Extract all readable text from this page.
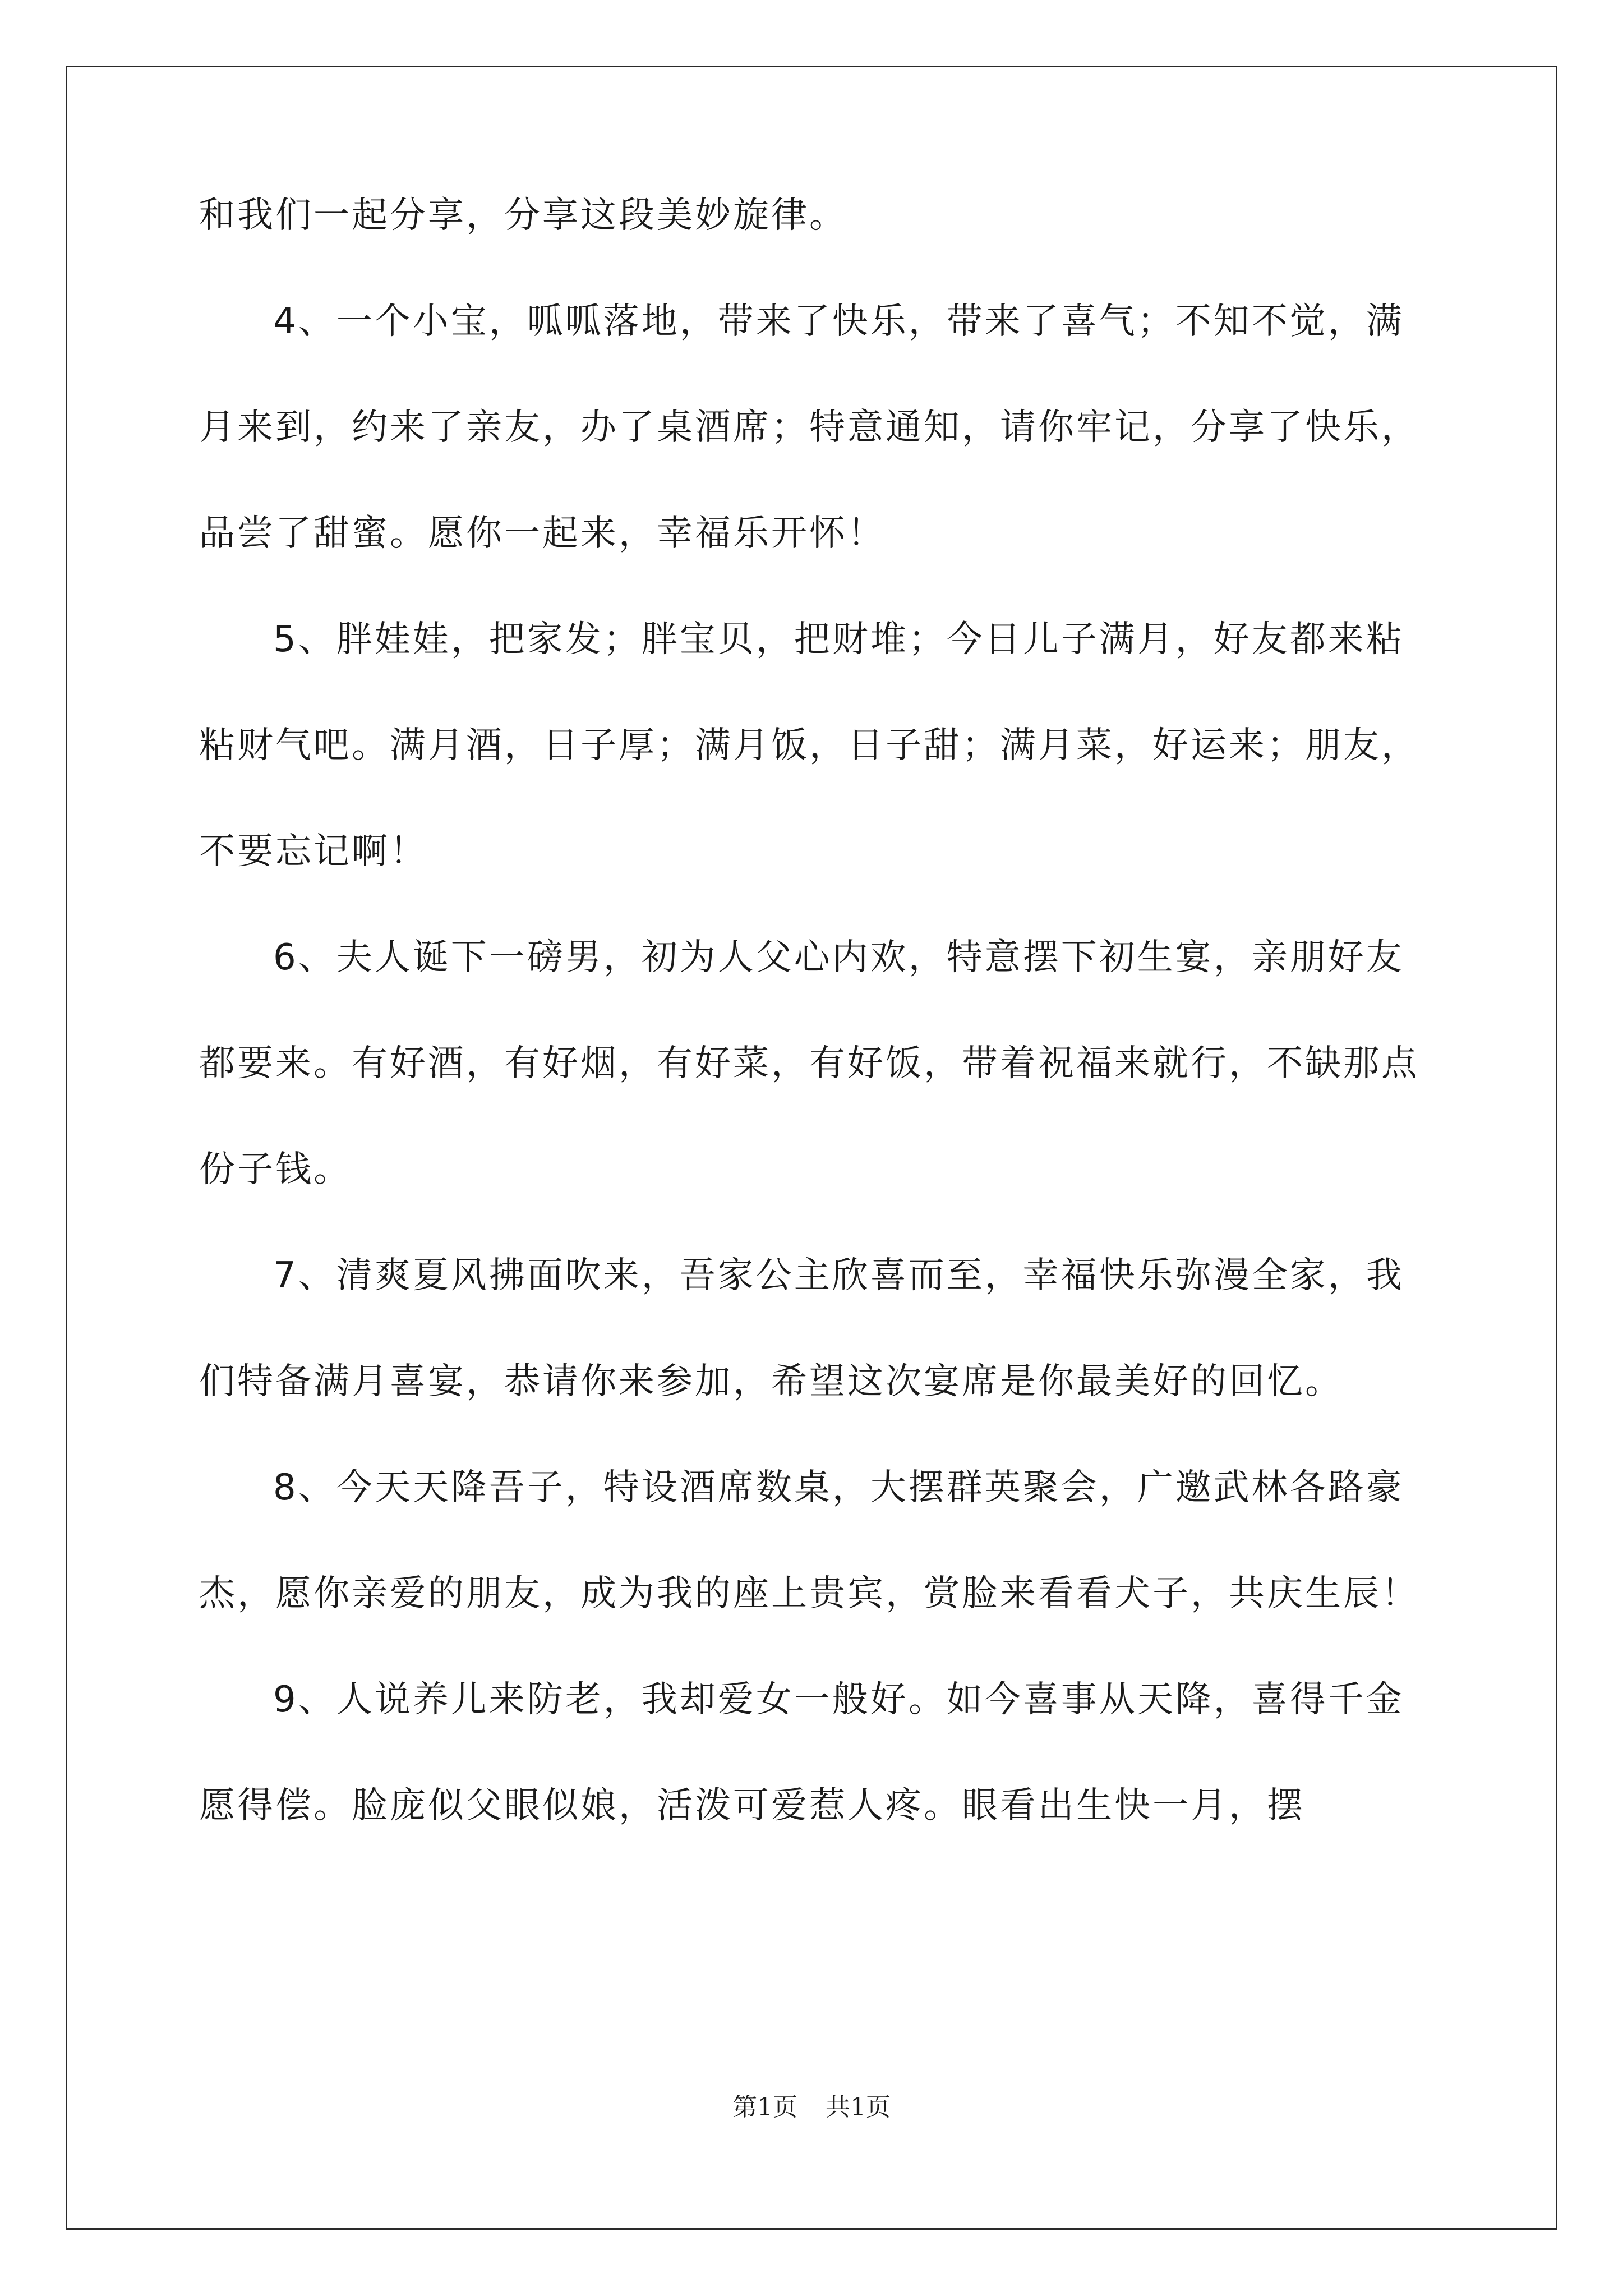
和我们一起分享，分享这段美妙旋律。

4、一个小宝，呱呱落地，带来了快乐，带来了喜气；不知不觉，满月来到，约来了亲友，办了桌酒席；特意通知，请你牢记，分享了快乐，品尝了甜蜜。愿你一起来，幸福乐开怀！

5、胖娃娃，把家发；胖宝贝，把财堆；今日儿子满月，好友都来粘粘财气吧。满月酒，日子厚；满月饭，日子甜；满月菜，好运来；朋友，不要忘记啊！

6、夫人诞下一磅男，初为人父心内欢，特意摆下初生宴，亲朋好友都要来。有好酒，有好烟，有好菜，有好饭，带着祝福来就行，不缺那点份子钱。

7、清爽夏风拂面吹来，吾家公主欣喜而至，幸福快乐弥漫全家，我们特备满月喜宴，恭请你来参加，希望这次宴席是你最美好的回忆。

8、今天天降吾子，特设酒席数桌，大摆群英聚会，广邀武林各路豪杰，愿你亲爱的朋友，成为我的座上贵宾，赏脸来看看犬子，共庆生辰！

9、人说养儿来防老，我却爱女一般好。如今喜事从天降，喜得千金愿得偿。脸庞似父眼似娘，活泼可爱惹人疼。眼看出生快一月，摆

第1页 共1页
